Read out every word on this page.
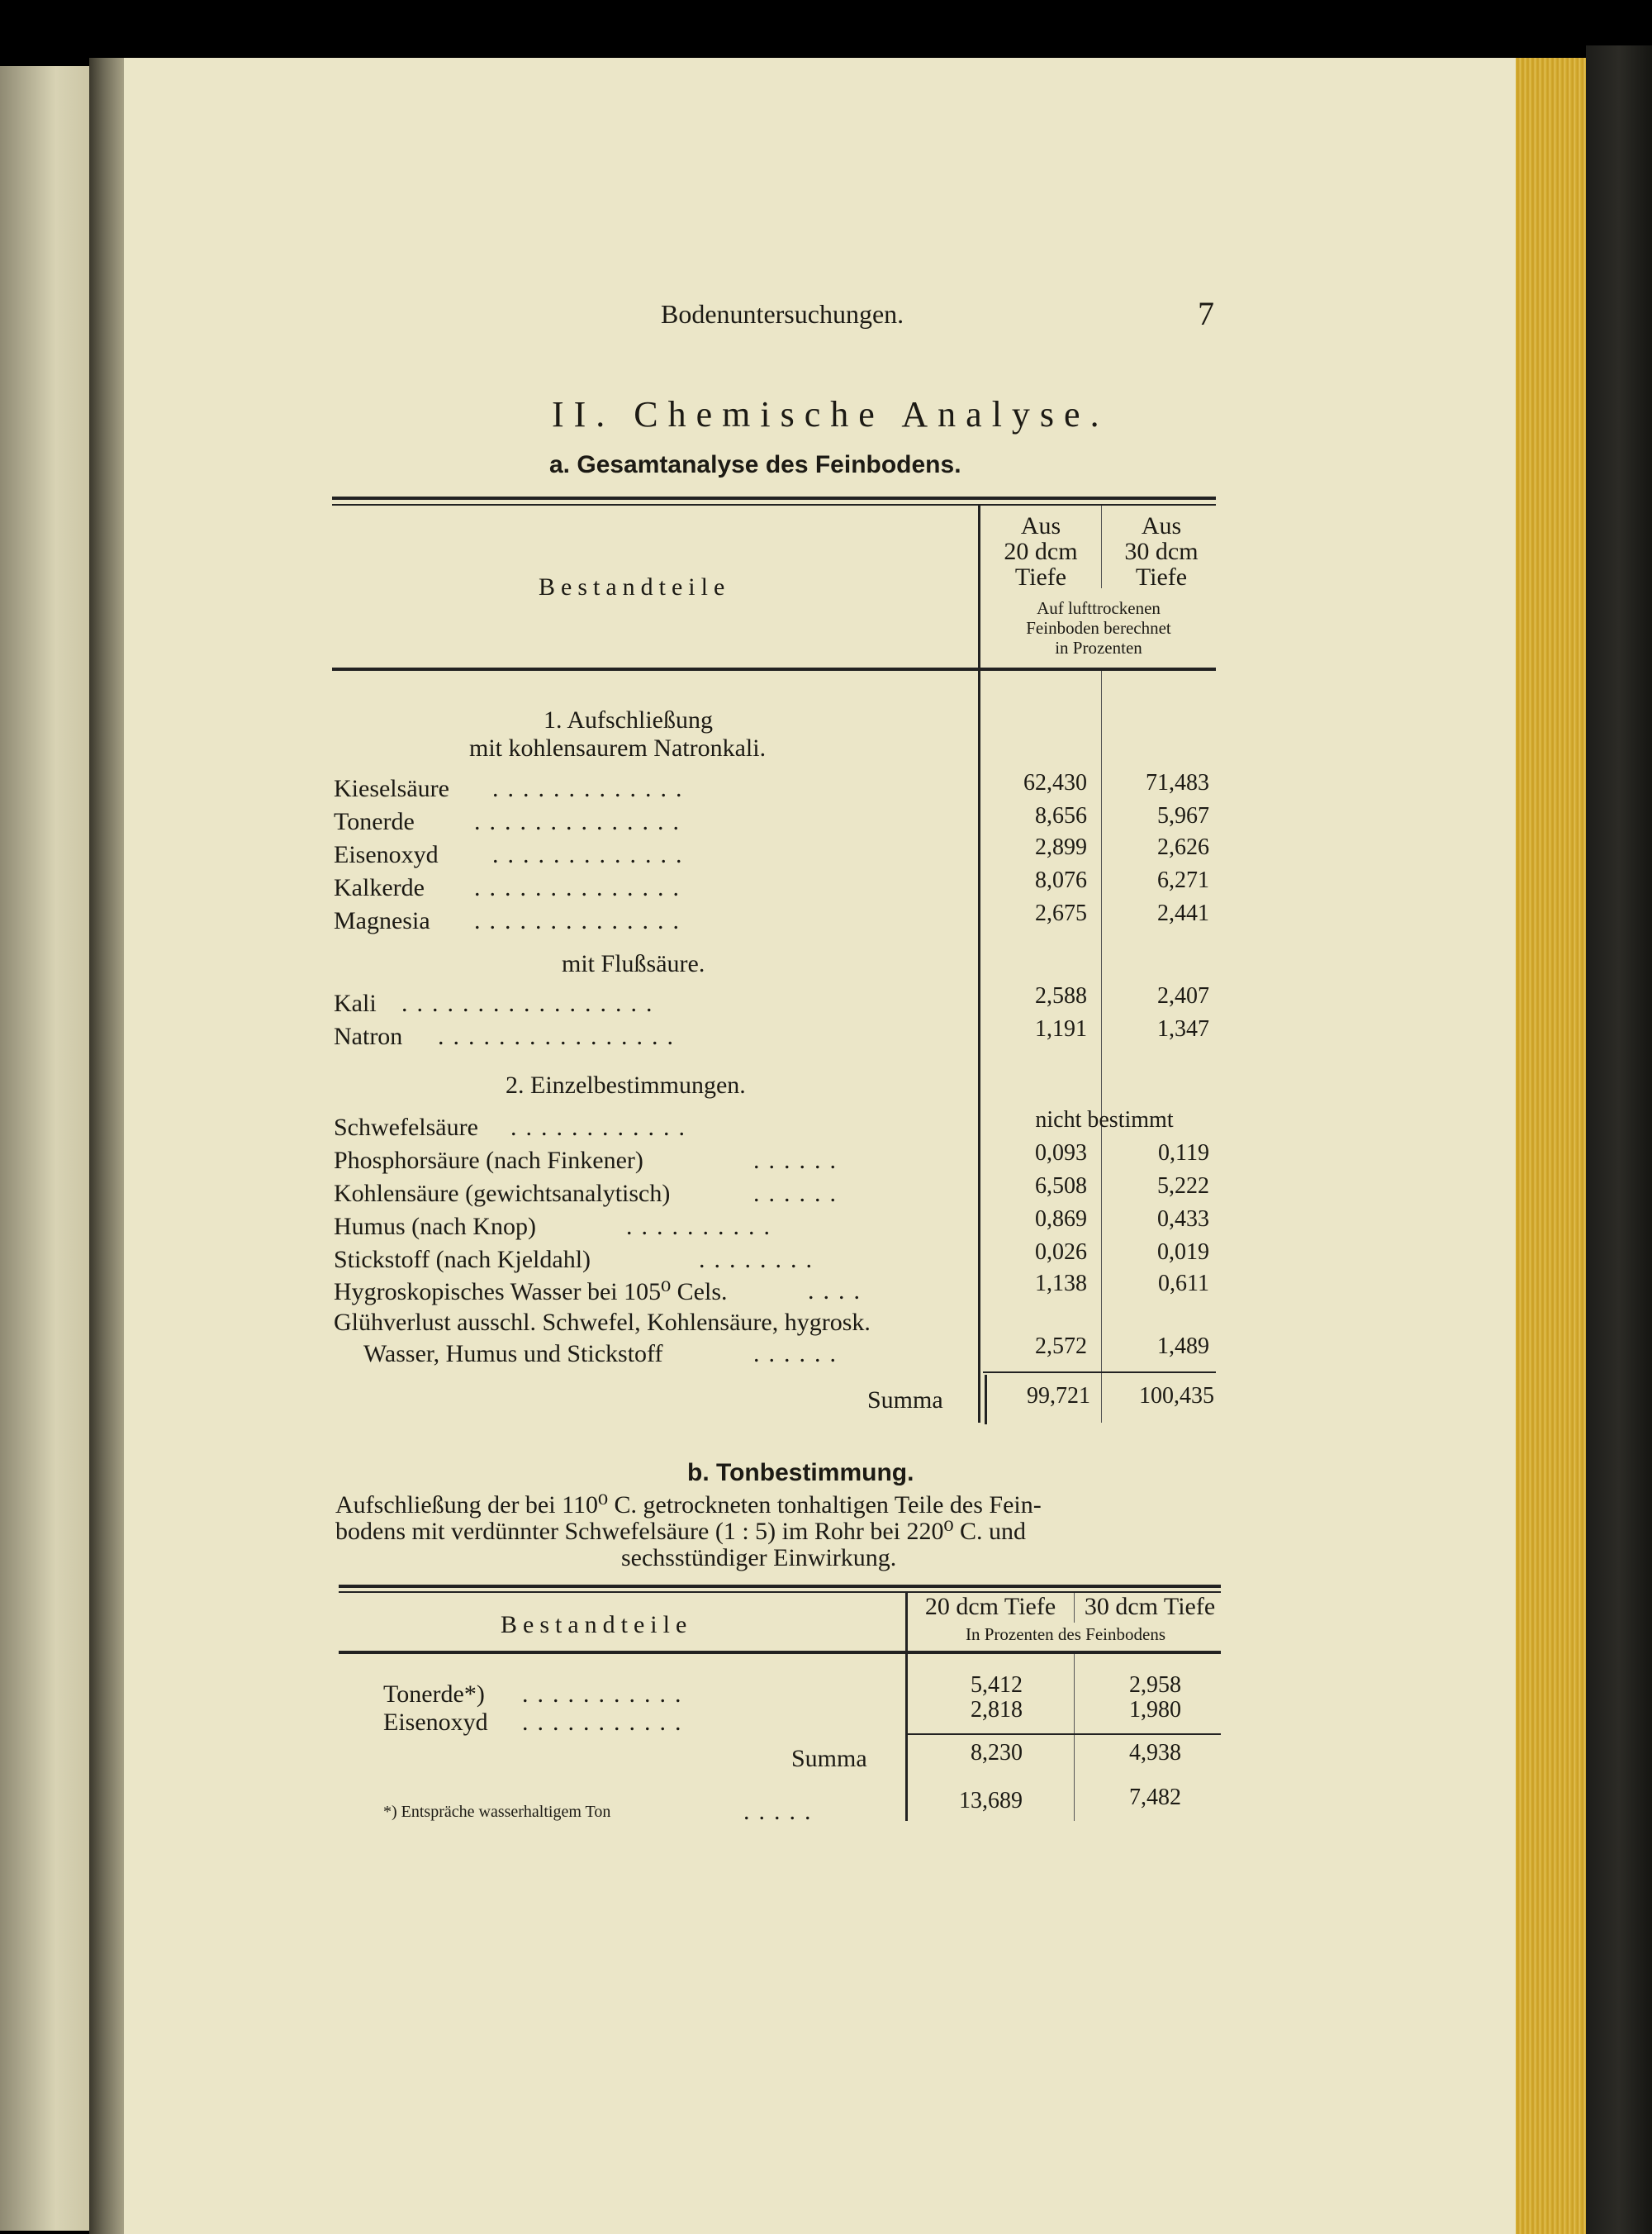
Bodenuntersuchungen.	7
II. Chemische Analyse.
a. Gesamtanalyse des Feinbodens.
Bestandteile
Aus
20 dcm
Tiefe
Aus
30 dcm
Tiefe
Auf lufttrockenen
Feinboden berechnet
in Prozenten
1. Aufschließung
mit kohlensaurem Natronkali.
Kieselsäure .............	62,430	71,483
Tonerde ..............	8,656	5,967
Eisenoxyd .............	2,899	2,626
Kalkerde ..............	8,076	6,271
Magnesia ..............	2,675	2,441
mit Flußsäure.
Kali .................	2,588	2,407
Natron ................	1,191	1,347
2. Einzelbestimmungen.
Schwefelsäure ............	nicht bestimmt
Phosphorsäure (nach Finkener)	......	0,093	0,119
Kohlensäure (gewichtsanalytisch)	......	6,508	5,222
Humus (nach Knop)	..........	0,869	0,433
Stickstoff (nach Kjeldahl)	........	0,026	0,019
Hygroskopisches Wasser bei 105⁰ Cels.	....	1,138	0,611
Glühverlust ausschl. Schwefel, Kohlensäure, hygrosk.
Wasser, Humus und Stickstoff	......	2,572	1,489
Summa	99,721	100,435
b. Tonbestimmung.
Aufschließung der bei 110⁰ C. getrockneten tonhaltigen Teile des Fein-
bodens mit verdünnter Schwefelsäure (1 : 5) im Rohr bei 220⁰ C. und
sechsstündiger Einwirkung.
Bestandteile
20 dcm Tiefe	30 dcm Tiefe
In Prozenten des Feinbodens
Tonerde*) ...........	5,412	2,958
Eisenoxyd ...........	2,818	1,980
Summa	8,230	4,938
*) Entspräche wasserhaltigem Ton	.....	13,689	7,482
